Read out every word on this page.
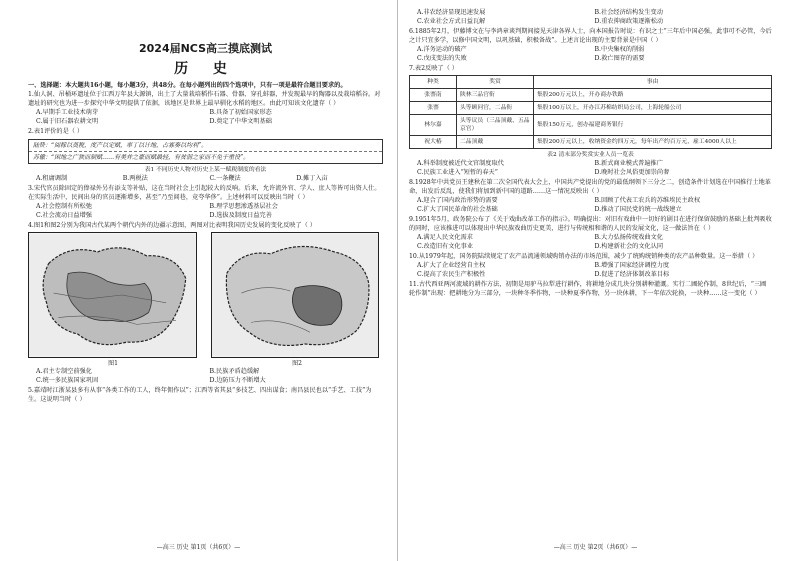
2024届NCS高三摸底测试
历 史

一、选择题：本大题共16小题，每小题3分，共48分。在每小题列出的四个选项中，只有一项是最符合题目要求的。

1.仙人洞、吊桶环遗址位于江西万年县大源镇，出土了大量栽培稻作石器、骨器、穿孔蚌器，并发现最早的陶器以及栽培稻谷。对遗址的研究也为进一步探究中华文明提供了依据，该地区是世界上最早驯化水稻的地区。由此可知该文化遗存（ ）

A.早期手工业技术萌芽	B.具备了初始国家形态
C.属于旧石器农耕文明	D.奠定了中华文明基础

2.表1评价的是（ ）

陆贽：“阅稼以奠税，度产以定赋，率丁以计地，占寡奏以均利”。
苏辙：“困地之广狭而制赋……有美并之豪而赋最轻，有贫弱之家而不免于重役”。
表1 不同历史人物对历史上某一赋税制度的看法
A.租庸调制	B.两税法	C.一条鞭法	D.摊丁入亩

3.宋代官员除固定的俸禄外另有添支等补贴，这在当时社会上引起较大的反响。后来，允许流外官、学人、庶人等皆可出资人仕。在实际生活中，民间出身的官员逐渐增多，甚至“乃至闾巷，竟夸华侈”。上述材料可以反映出当时（ ）

A.社会控制有所松弛	B.理学思想渗透基层社会
C.社会流动日益增强	D.选拔及制度日益完善

4.图1和图2分别为我国古代某两个朝代内外的边疆示意图，两图对比表明我国历史发展的变化反映了（ ）

图1	图2
A.君主专制空前强化	B.民族矛盾趋缓解
C.统一多民族国家巩固	D.边防压力不断增大

5.嘉靖时江浙某县多有从事“各类工作的工人，终年佣作以”；江西等省其县“多技艺、四出谋食；南昌县民也以“手艺、工技”为生。这说明当时（ ）

—高三 历史 第1页（共6页）—
A.非农经济显现迅速发展	B.社会经济结构发生变动
C.农业社会方式日益瓦解	D.重农抑商政策逐渐松动

6.1885年2月，伊藤博文在与李鸿章谈判期间接见天津各界人士，向本国报告时说：有识之士“三年后中国必强，此事可不必管，今后之计只宜多学，以修中国文明，以巩基础，积极备战”。上述言论出现的主要背景是中国（ ）

A.洋务运动的破产	B.中央集权的削弱
C.戊戌变法的失败	D.救亡图存的需要

7.表2反映了（ ）

种类	奖赏	事由
张謇南	陕林三品官衔	集股200万元以上，开办商办铁路
张謇	头等顾问官，二品衔	集股100万以上，开办江苏棉纺织局公司，上海轮船公司
林尔嘉	头等议员（三品顶戴、五品京官）	集股150万元，创办福建商务银行
祝大椿	二品顶戴	集股200万元以上，收纳资金约四万元，每年出产约百万元，雇工4000人以上
表2 清末部分奖赏实业人员一览表
A.科举制度被近代文官制度取代	B.新式商业模式普遍推广
C.民族工业进入“短暂的春天”	D.晚时社会风俗更加崇尚奢

8.1928年中共党员王建秋在第二次全国代表大会上，中国共产党提出的党的最低纲领下三分之二，创造条件计划选在中国推行土地革命，出发后反乱，使我们将加到新中国的道路……这一情况反映出（ ）

A.迎合了国内政治形势的需要	B.回顾了代表工农兵的苏维埃民主政权
C.扩大了国民革命的社会基础	D.推动了国民党的统一战线建立

9.1951年5月，政务院公布了《关于戏曲改革工作的指示》。明确提出：对旧有戏曲中一切好的剧目在进行保留鼓励的基础上批判吸收的同时，应该推进可以体现出中华民族戏曲历史更美，进行与传统相和谐的人民的发展文化，这一做法旨在（ ）

A.满足人民文化需求	B.大力弘扬传统戏曲文化
C.改造旧有文化事业	D.构建新社会的文化认同

10.从1979年起，国务院陆续规定了农产品流通领域购销办法的市场范围，减少了统购统销种类的农产品种数量。这一举措（ ）

A.扩大了企业经营自主权	B.增强了国家经济调控力度
C.提高了农民生产积极性	D.促进了经济体制改革目标

11.古代西亚两河流域的耕作方法，初期是用驴马拉犁进行耕作，将耕地分成几块分别耕种灌溉。实行二圃轮作制，8世纪后，“三圃轮作制”出现：把耕地分为三部分，一块种冬季作物，一块种夏季作物，另一块休耕，下一年依次轮换，一块种……这一变化（ ）

—高三 历史 第2页（共6页）—
